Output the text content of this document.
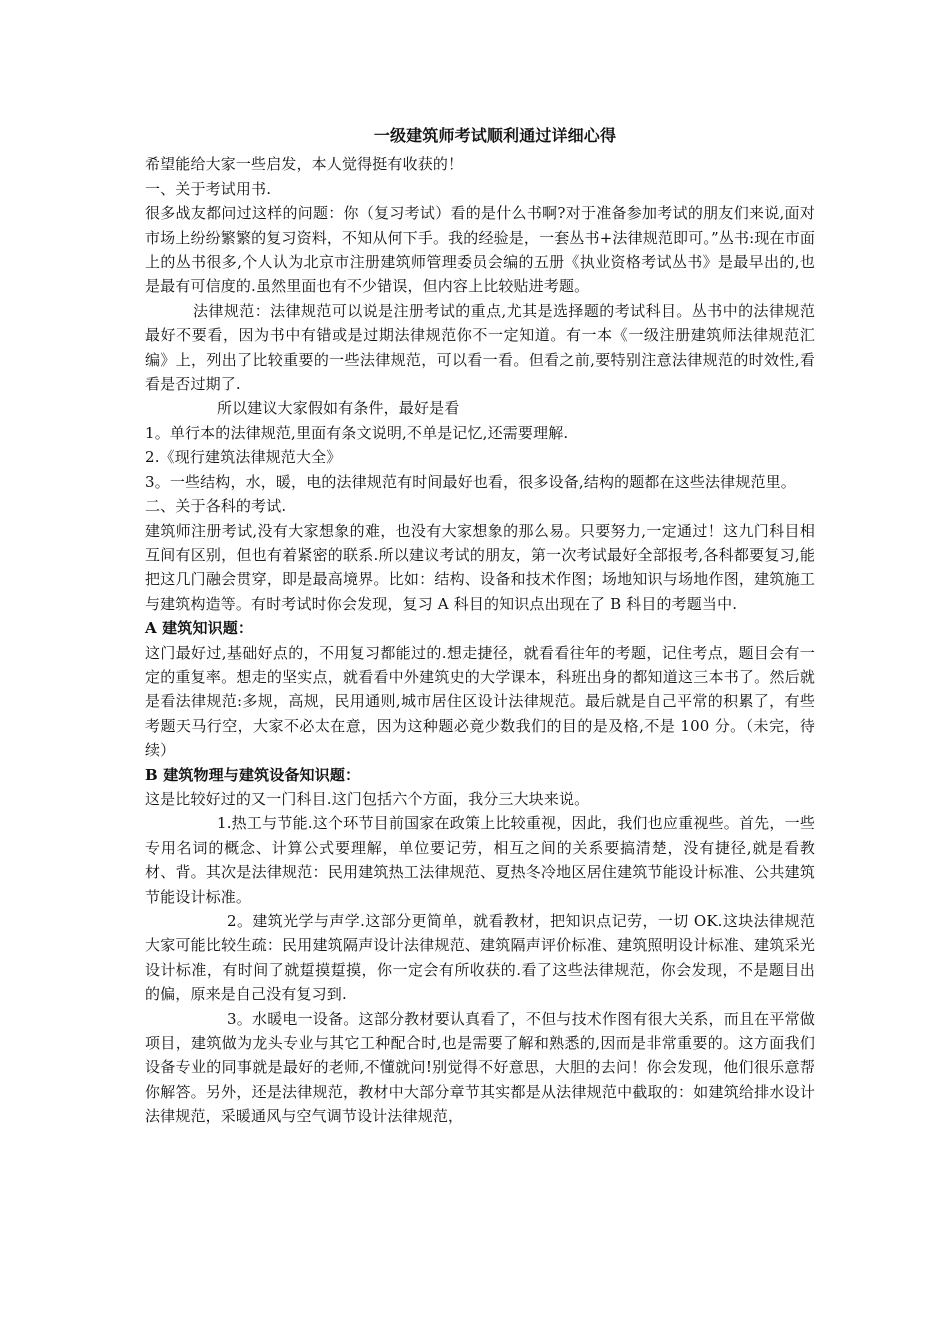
一级建筑师考试顺利通过详细心得

希望能给大家一些启发，本人觉得挺有收获的！

一、关于考试用书.

很多战友都问过这样的问题：你（复习考试）看的是什么书啊?对于准备参加考试的朋友们来说,面对市场上纷纷繁繁的复习资料，不知从何下手。我的经验是，一套丛书+法律规范即可。”丛书:现在市面上的丛书很多,个人认为北京市注册建筑师管理委员会编的五册《执业资格考试丛书》是最早出的,也是最有可信度的.虽然里面也有不少错误，但内容上比较贴进考题。

法律规范：法律规范可以说是注册考试的重点,尤其是选择题的考试科目。丛书中的法律规范最好不要看，因为书中有错或是过期法律规范你不一定知道。有一本《一级注册建筑师法律规范汇编》上，列出了比较重要的一些法律规范，可以看一看。但看之前,要特别注意法律规范的时效性,看看是否过期了.

所以建议大家假如有条件，最好是看

1。单行本的法律规范,里面有条文说明,不单是记忆,还需要理解.

2.《现行建筑法律规范大全》

3。一些结构，水，暖，电的法律规范有时间最好也看，很多设备,结构的题都在这些法律规范里。

二、关于各科的考试.

建筑师注册考试,没有大家想象的难，也没有大家想象的那么易。只要努力,一定通过！这九门科目相互间有区别，但也有着紧密的联系.所以建议考试的朋友，第一次考试最好全部报考,各科都要复习,能把这几门融会贯穿，即是最高境界。比如：结构、设备和技术作图；场地知识与场地作图，建筑施工与建筑构造等。有时考试时你会发现，复习 A 科目的知识点出现在了 B 科目的考题当中.

A 建筑知识题：

这门最好过,基础好点的，不用复习都能过的.想走捷径，就看看往年的考题，记住考点，题目会有一定的重复率。想走的坚实点，就看看中外建筑史的大学课本，科班出身的都知道这三本书了。然后就是看法律规范:多规，高规，民用通则,城市居住区设计法律规范。最后就是自己平常的积累了，有些考题天马行空，大家不必太在意，因为这种题必竟少数我们的目的是及格,不是 100 分。（未完，待续）

B 建筑物理与建筑设备知识题：

这是比较好过的又一门科目.这门包括六个方面，我分三大块来说。

1.热工与节能.这个环节目前国家在政策上比较重视，因此，我们也应重视些。首先，一些专用名词的概念、计算公式要理解，单位要记劳，相互之间的关系要搞清楚，没有捷径,就是看教材、背。其次是法律规范：民用建筑热工法律规范、夏热冬冷地区居住建筑节能设计标准、公共建筑节能设计标准。

2。建筑光学与声学.这部分更简单，就看教材，把知识点记劳，一切 OK.这块法律规范大家可能比较生疏：民用建筑隔声设计法律规范、建筑隔声评价标准、建筑照明设计标准、建筑采光设计标准，有时间了就踅摸踅摸，你一定会有所收获的.看了这些法律规范，你会发现，不是题目出的偏，原来是自己没有复习到.

3。水暖电一设备。这部分教材要认真看了，不但与技术作图有很大关系，而且在平常做项目，建筑做为龙头专业与其它工种配合时,也是需要了解和熟悉的,因而是非常重要的。这方面我们设备专业的同事就是最好的老师,不懂就问!别觉得不好意思，大胆的去问！你会发现，他们很乐意帮你解答。另外，还是法律规范，教材中大部分章节其实都是从法律规范中截取的：如建筑给排水设计法律规范，采暖通风与空气调节设计法律规范，
